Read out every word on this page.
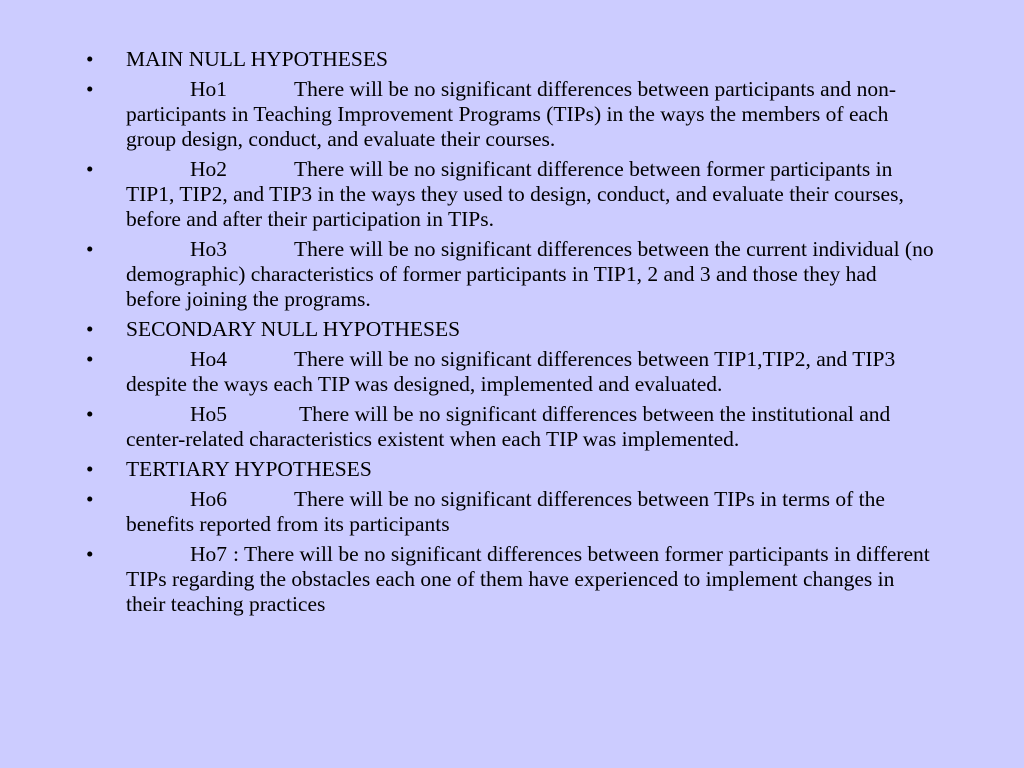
• MAIN NULL HYPOTHESES
•	Ho1	There will be no significant differences between participants and non-participants in Teaching Improvement Programs (TIPs) in the ways the members of each group design, conduct, and evaluate their courses.
•	Ho2	There will be no significant difference between former participants in TIP1, TIP2, and TIP3 in the ways they used to design, conduct, and evaluate their courses, before and after their participation in TIPs.
•	Ho3	There will be no significant differences between the current individual (no demographic) characteristics of former participants in TIP1, 2 and 3 and those they had before joining the programs.
• SECONDARY NULL HYPOTHESES
•	Ho4	There will be no significant differences between TIP1,TIP2, and TIP3 despite the ways each TIP was designed, implemented and evaluated.
•	Ho5	There will be no significant differences between the institutional and center-related characteristics existent when each TIP was implemented.
• TERTIARY HYPOTHESES
•	Ho6	There will be no significant differences between TIPs in terms of the benefits reported from its participants
•	Ho7 : There will be no significant differences between former participants in different TIPs regarding the obstacles each one of them have experienced to implement changes in their teaching practices
